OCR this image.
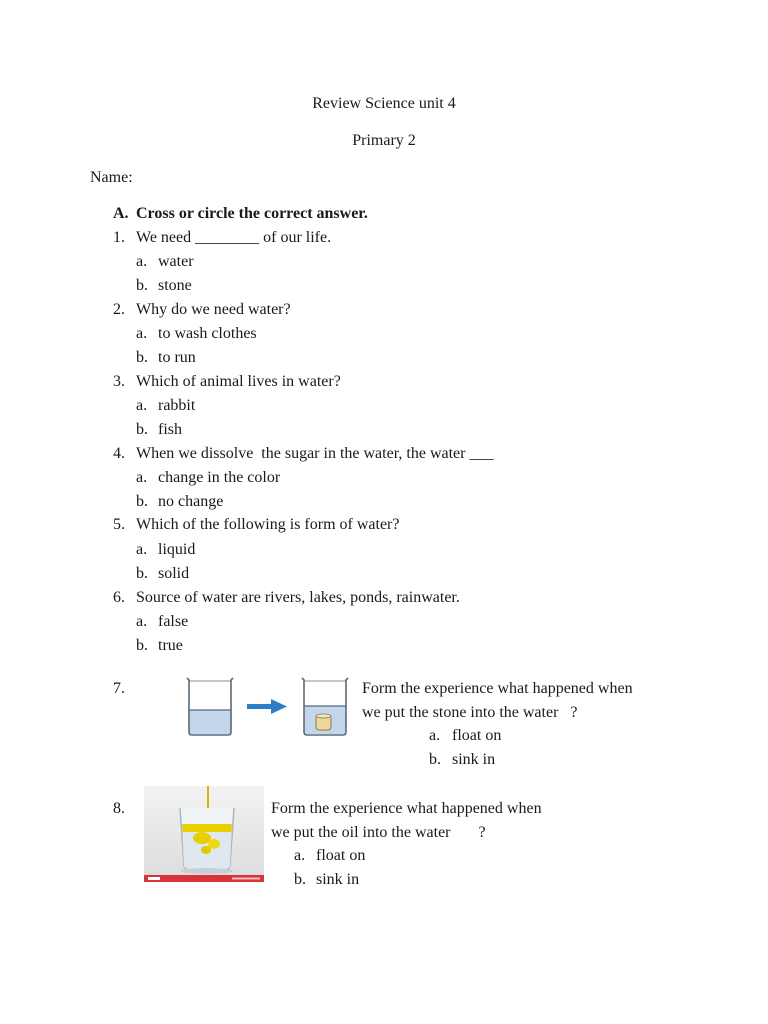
Review Science unit 4
Primary 2
Name:
A. Cross or circle the correct answer.
1. We need ________ of our life.
a. water
b. stone
2. Why do we need water?
a. to wash clothes
b. to run
3. Which of animal lives in water?
a. rabbit
b. fish
4. When we dissolve  the sugar in the water, the water ___
a. change in the color
b. no change
5. Which of the following is form of water?
a. liquid
b. solid
6. Source of water are rivers, lakes, ponds, rainwater.
a. false
b. true
7.	Form the experience what happened when
we put the stone into the water   ?
a. float on
b. sink in
8.	Form the experience what happened when
we put the oil into the water       ?
a. float on
b. sink in
